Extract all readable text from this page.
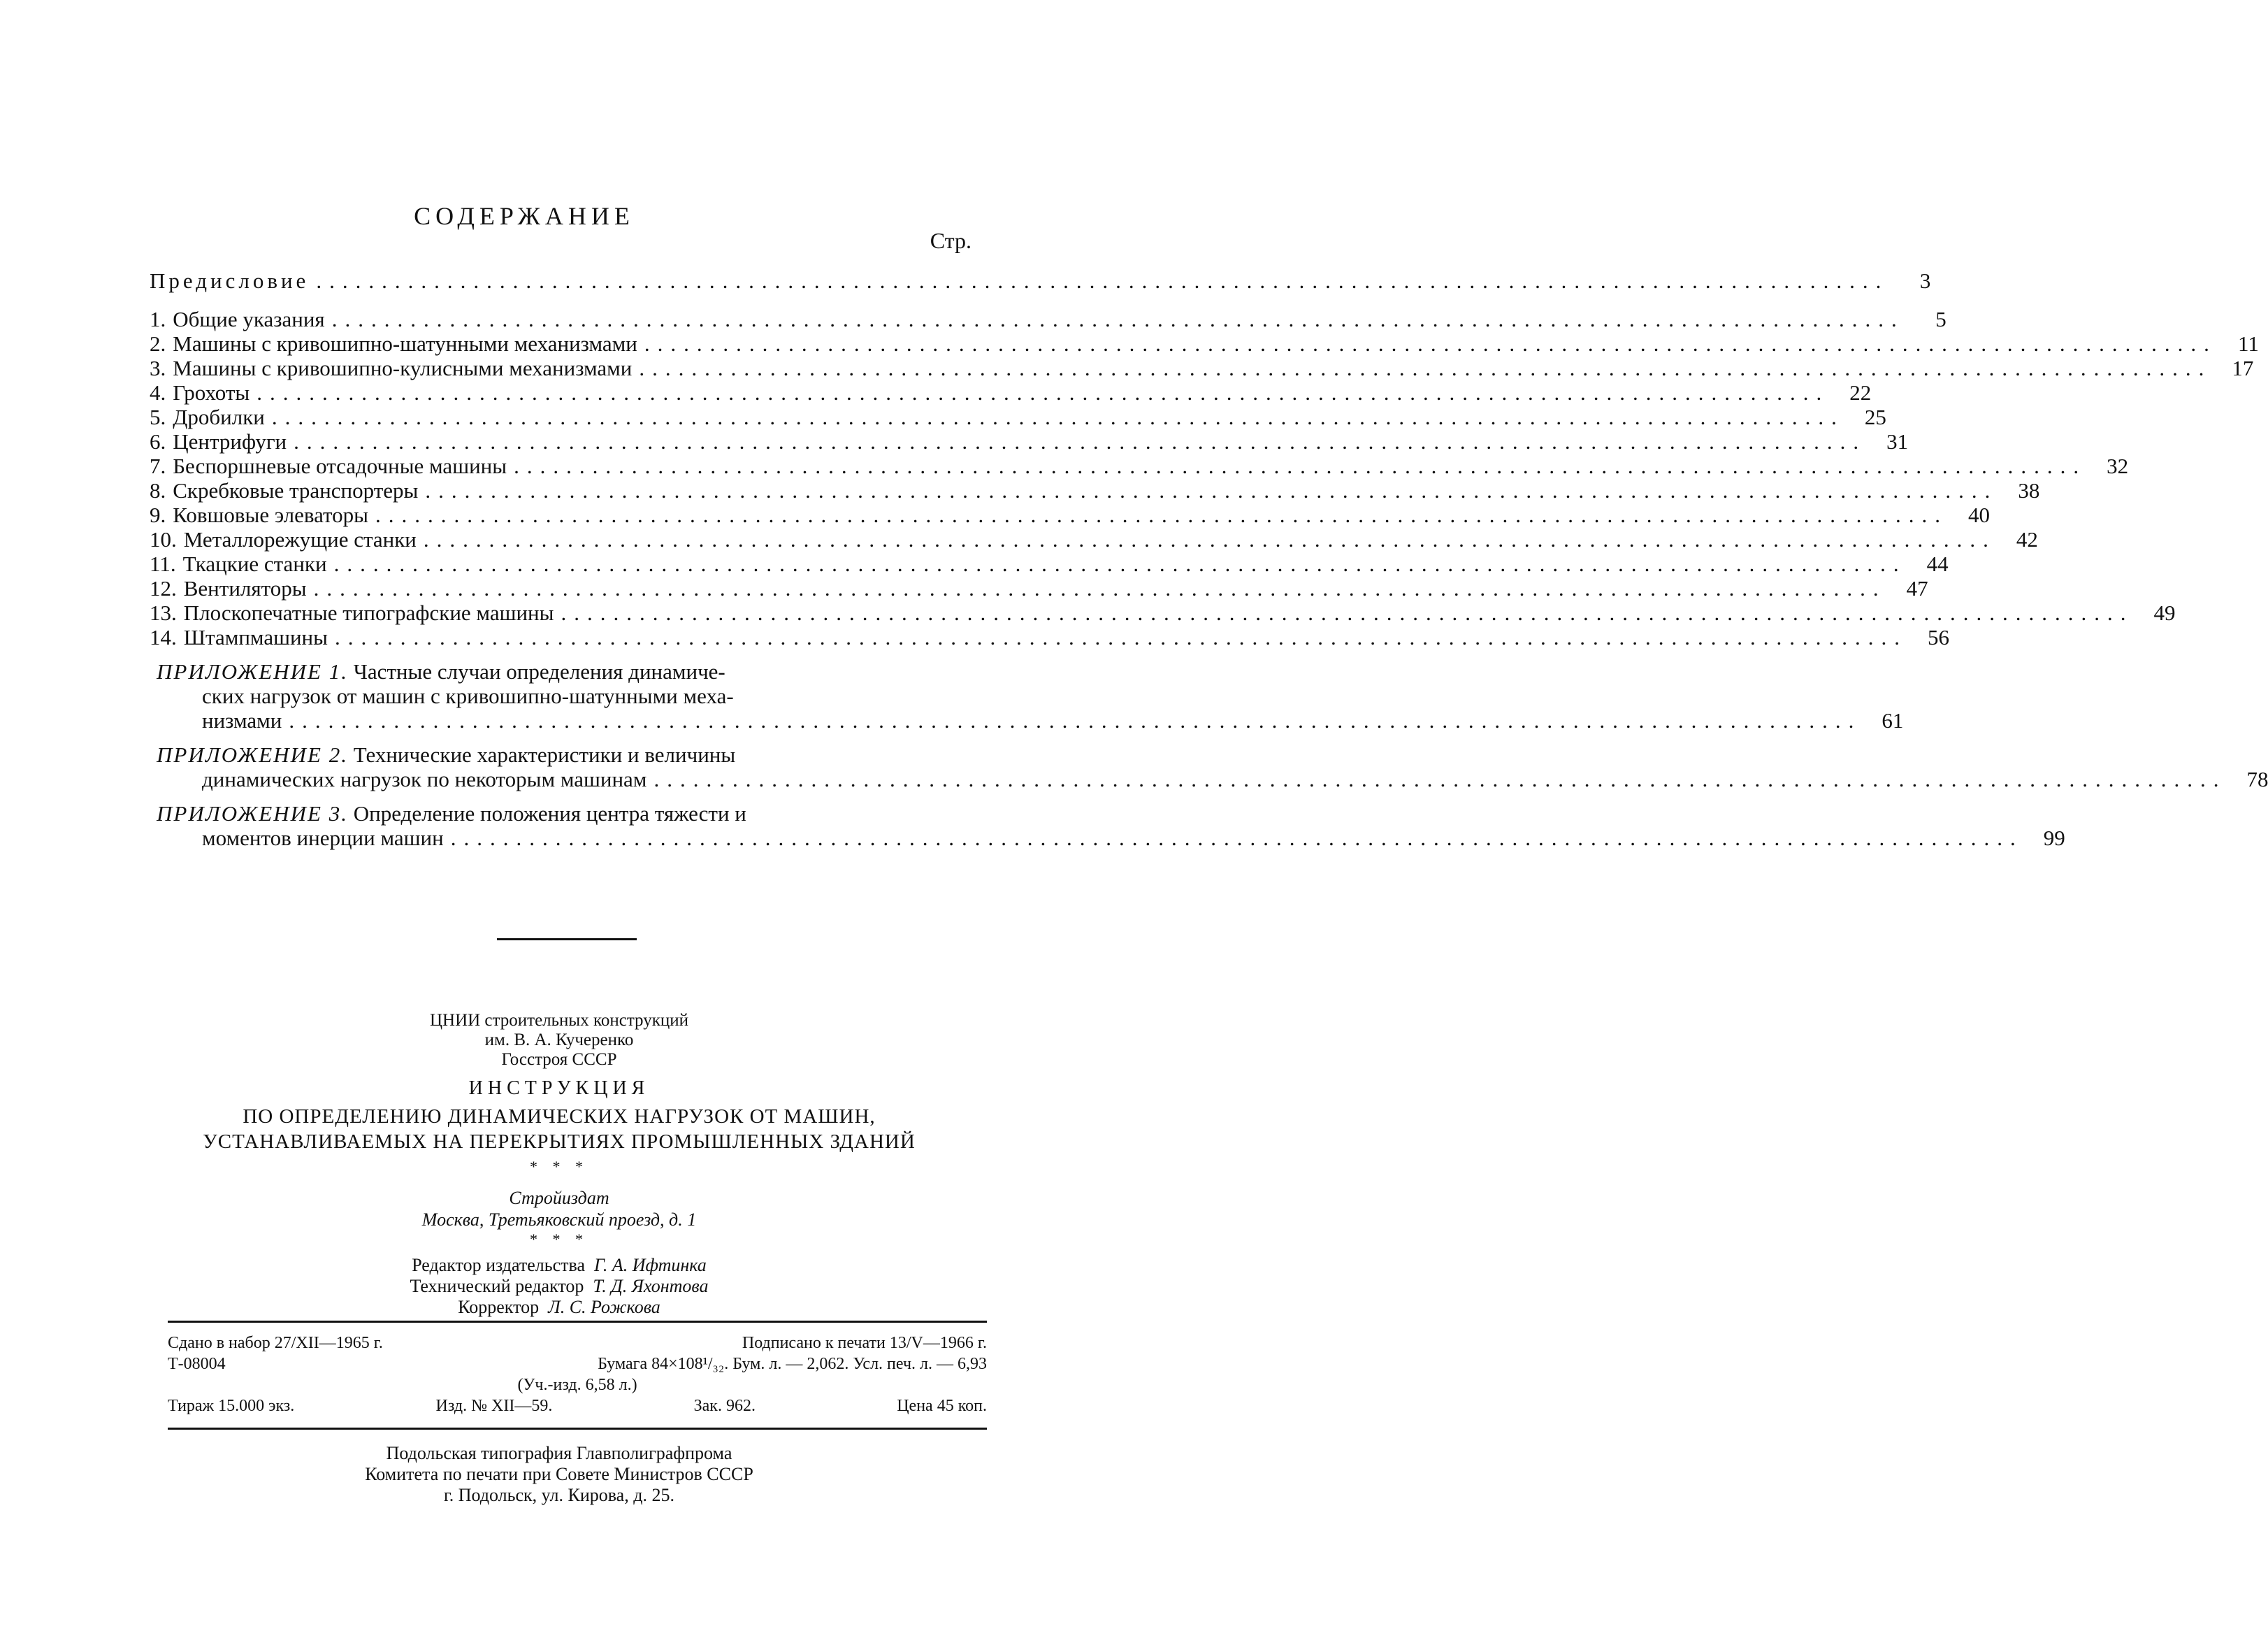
СОДЕРЖАНИЕ
Стр.
Предисловие ........................................................................................................................	3
1. Общие указания ........................................................................................................................	5
2. Машины с кривошипно-шатунными механизмами ........................................................................................................................ 11
3. Машины с кривошипно-кулисными механизмами ........................................................................................................................ 17
4. Грохоты ........................................................................................................................ 22
5. Дробилки ........................................................................................................................ 25
6. Центрифуги ........................................................................................................................ 31
7. Беспоршневые отсадочные машины ........................................................................................................................ 32
8. Скребковые транспортеры ........................................................................................................................ 38
9. Ковшовые элеваторы ........................................................................................................................ 40
10. Металлорежущие станки ........................................................................................................................ 42
11. Ткацкие станки ........................................................................................................................ 44
12. Вентиляторы ........................................................................................................................ 47
13. Плоскопечатные типографские машины ........................................................................................................................ 49
14. Штампмашины ........................................................................................................................ 56
ПРИЛОЖЕНИЕ 1. Частные случаи определения динамиче-
ских нагрузок от машин с кривошипно-шатунными меха-
низмами ........................................................................................................................ 61
ПРИЛОЖЕНИЕ 2. Технические характеристики и величины
динамических нагрузок по некоторым машинам ........................................................................................................................ 78
ПРИЛОЖЕНИЕ 3. Определение положения центра тяжести и
моментов инерции машин ........................................................................................................................ 99
ЦНИИ строительных конструкций
им. В. А. Кучеренко
Госстроя СССР
ИНСТРУКЦИЯ
ПО ОПРЕДЕЛЕНИЮ ДИНАМИЧЕСКИХ НАГРУЗОК ОТ МАШИН,
УСТАНАВЛИВАЕМЫХ НА ПЕРЕКРЫТИЯХ ПРОМЫШЛЕННЫХ ЗДАНИЙ
* * *
Стройиздат
Москва, Третьяковский проезд, д. 1
* * *
Редактор издательства Г. А. Ифтинка
Технический редактор Т. Д. Яхонтова
Корректор Л. С. Рожкова
Сдано в набор 27/XII—1965 г.	Подписано к печати 13/V—1966 г.
Т-08004	Бумага 84×108¹/₃₂. Бум. л. — 2,062. Усл. печ. л. — 6,93
(Уч.-изд. 6,58 л.)
Тираж 15.000 экз.	Изд. № XII—59.	Зак. 962.	Цена 45 коп.
Подольская типография Главполиграфпрома
Комитета по печати при Совете Министров СССР
г. Подольск, ул. Кирова, д. 25.
